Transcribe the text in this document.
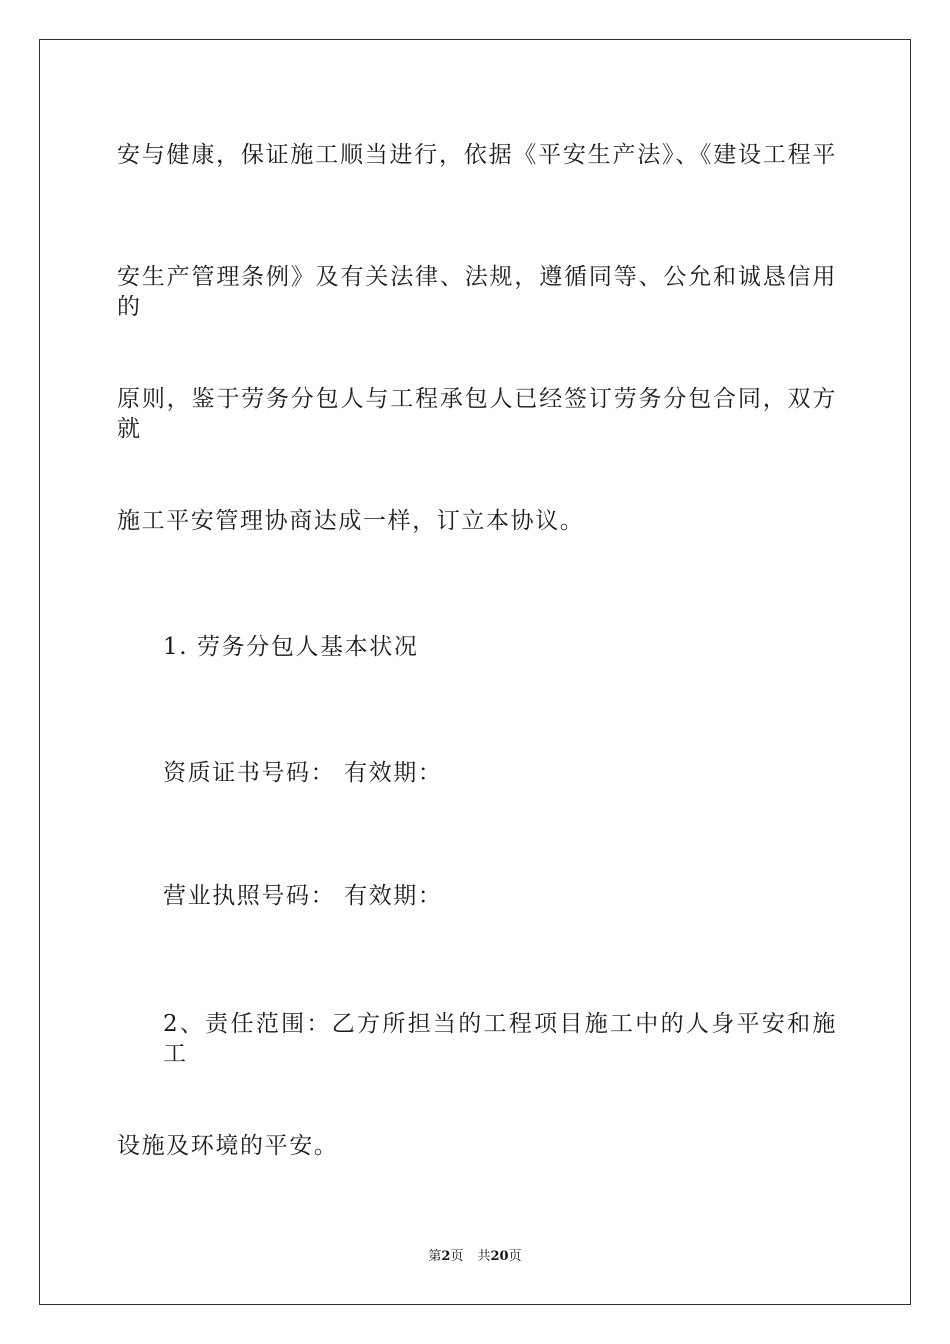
安与健康，保证施工顺当进行，依据《平安生产法》、《建设工程平
安生产管理条例》及有关法律、法规，遵循同等、公允和诚恳信用的
原则，鉴于劳务分包人与工程承包人已经签订劳务分包合同，双方就
施工平安管理协商达成一样，订立本协议。
1. 劳务分包人基本状况
资质证书号码： 有效期：
营业执照号码： 有效期：
2、责任范围：乙方所担当的工程项目施工中的人身平安和施工
设施及环境的平安。
第2页 共20页
